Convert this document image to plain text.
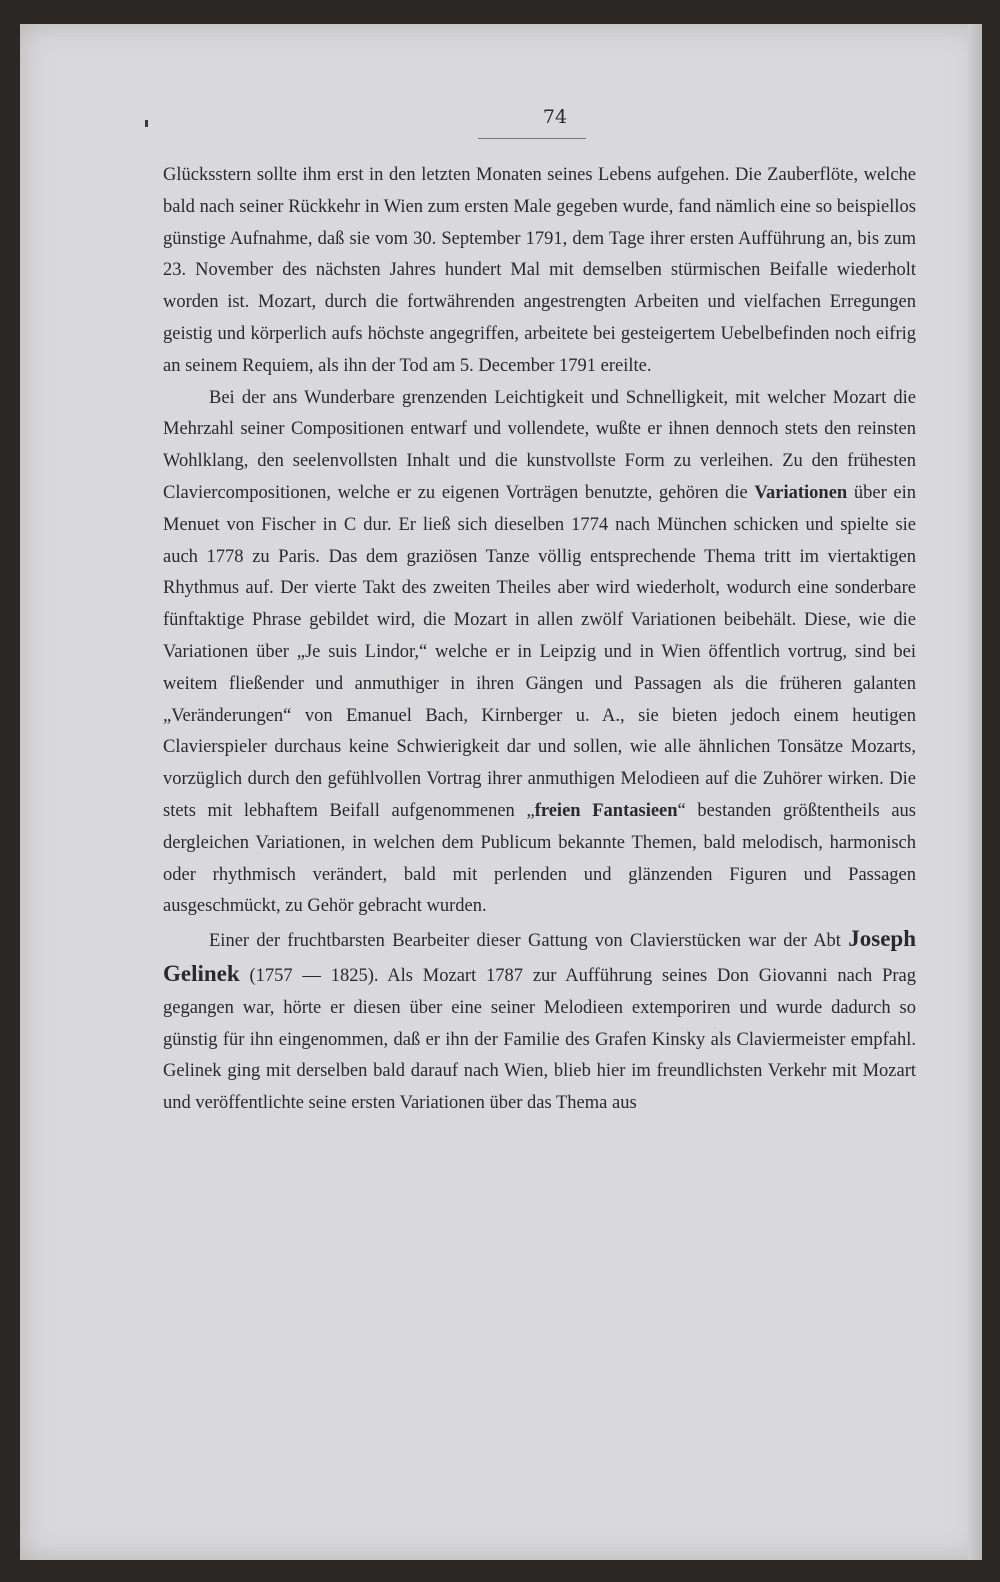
74

Glücksstern sollte ihm erst in den letzten Monaten seines Lebens aufgehen. Die Zauberflöte, welche bald nach seiner Rückkehr in Wien zum ersten Male gegeben wurde, fand nämlich eine so beispiellos günstige Aufnahme, daß sie vom 30. September 1791, dem Tage ihrer ersten Aufführung an, bis zum 23. November des nächsten Jahres hundert Mal mit demselben stürmischen Beifalle wiederholt worden ist. Mozart, durch die fortwährenden angestrengten Arbeiten und vielfachen Erregungen geistig und körperlich aufs höchste angegriffen, arbeitete bei gesteigertem Uebelbefinden noch eifrig an seinem Requiem, als ihn der Tod am 5. December 1791 ereilte.

Bei der ans Wunderbare grenzenden Leichtigkeit und Schnelligkeit, mit welcher Mozart die Mehrzahl seiner Compositionen entwarf und vollendete, wußte er ihnen dennoch stets den reinsten Wohlklang, den seelenvollsten Inhalt und die kunstvollste Form zu verleihen. Zu den frühesten Claviercompositionen, welche er zu eigenen Vorträgen benutzte, gehören die Variationen über ein Menuet von Fischer in C dur. Er ließ sich dieselben 1774 nach München schicken und spielte sie auch 1778 zu Paris. Das dem graziösen Tanze völlig entsprechende Thema tritt im viertaktigen Rhythmus auf. Der vierte Takt des zweiten Theiles aber wird wiederholt, wodurch eine sonderbare fünftaktige Phrase gebildet wird, die Mozart in allen zwölf Variationen beibehält. Diese, wie die Variationen über „Je suis Lindor,“ welche er in Leipzig und in Wien öffentlich vortrug, sind bei weitem fließender und anmuthiger in ihren Gängen und Passagen als die früheren galanten „Veränderungen“ von Emanuel Bach, Kirnberger u. A., sie bieten jedoch einem heutigen Clavierspieler durchaus keine Schwierigkeit dar und sollen, wie alle ähnlichen Tonsätze Mozarts, vorzüglich durch den gefühlvollen Vortrag ihrer anmuthigen Melodieen auf die Zuhörer wirken. Die stets mit lebhaftem Beifall aufgenommenen „freien Fantasieen“ bestanden größtentheils aus dergleichen Variationen, in welchen dem Publicum bekannte Themen, bald melodisch, harmonisch oder rhythmisch verändert, bald mit perlenden und glänzenden Figuren und Passagen ausgeschmückt, zu Gehör gebracht wurden.

Einer der fruchtbarsten Bearbeiter dieser Gattung von Clavierstücken war der Abt Joseph Gelinek (1757 — 1825). Als Mozart 1787 zur Aufführung seines Don Giovanni nach Prag gegangen war, hörte er diesen über eine seiner Melodieen extemporiren und wurde dadurch so günstig für ihn eingenommen, daß er ihn der Familie des Grafen Kinsky als Claviermeister empfahl. Gelinek ging mit derselben bald darauf nach Wien, blieb hier im freundlichsten Verkehr mit Mozart und veröffentlichte seine ersten Variationen über das Thema aus
